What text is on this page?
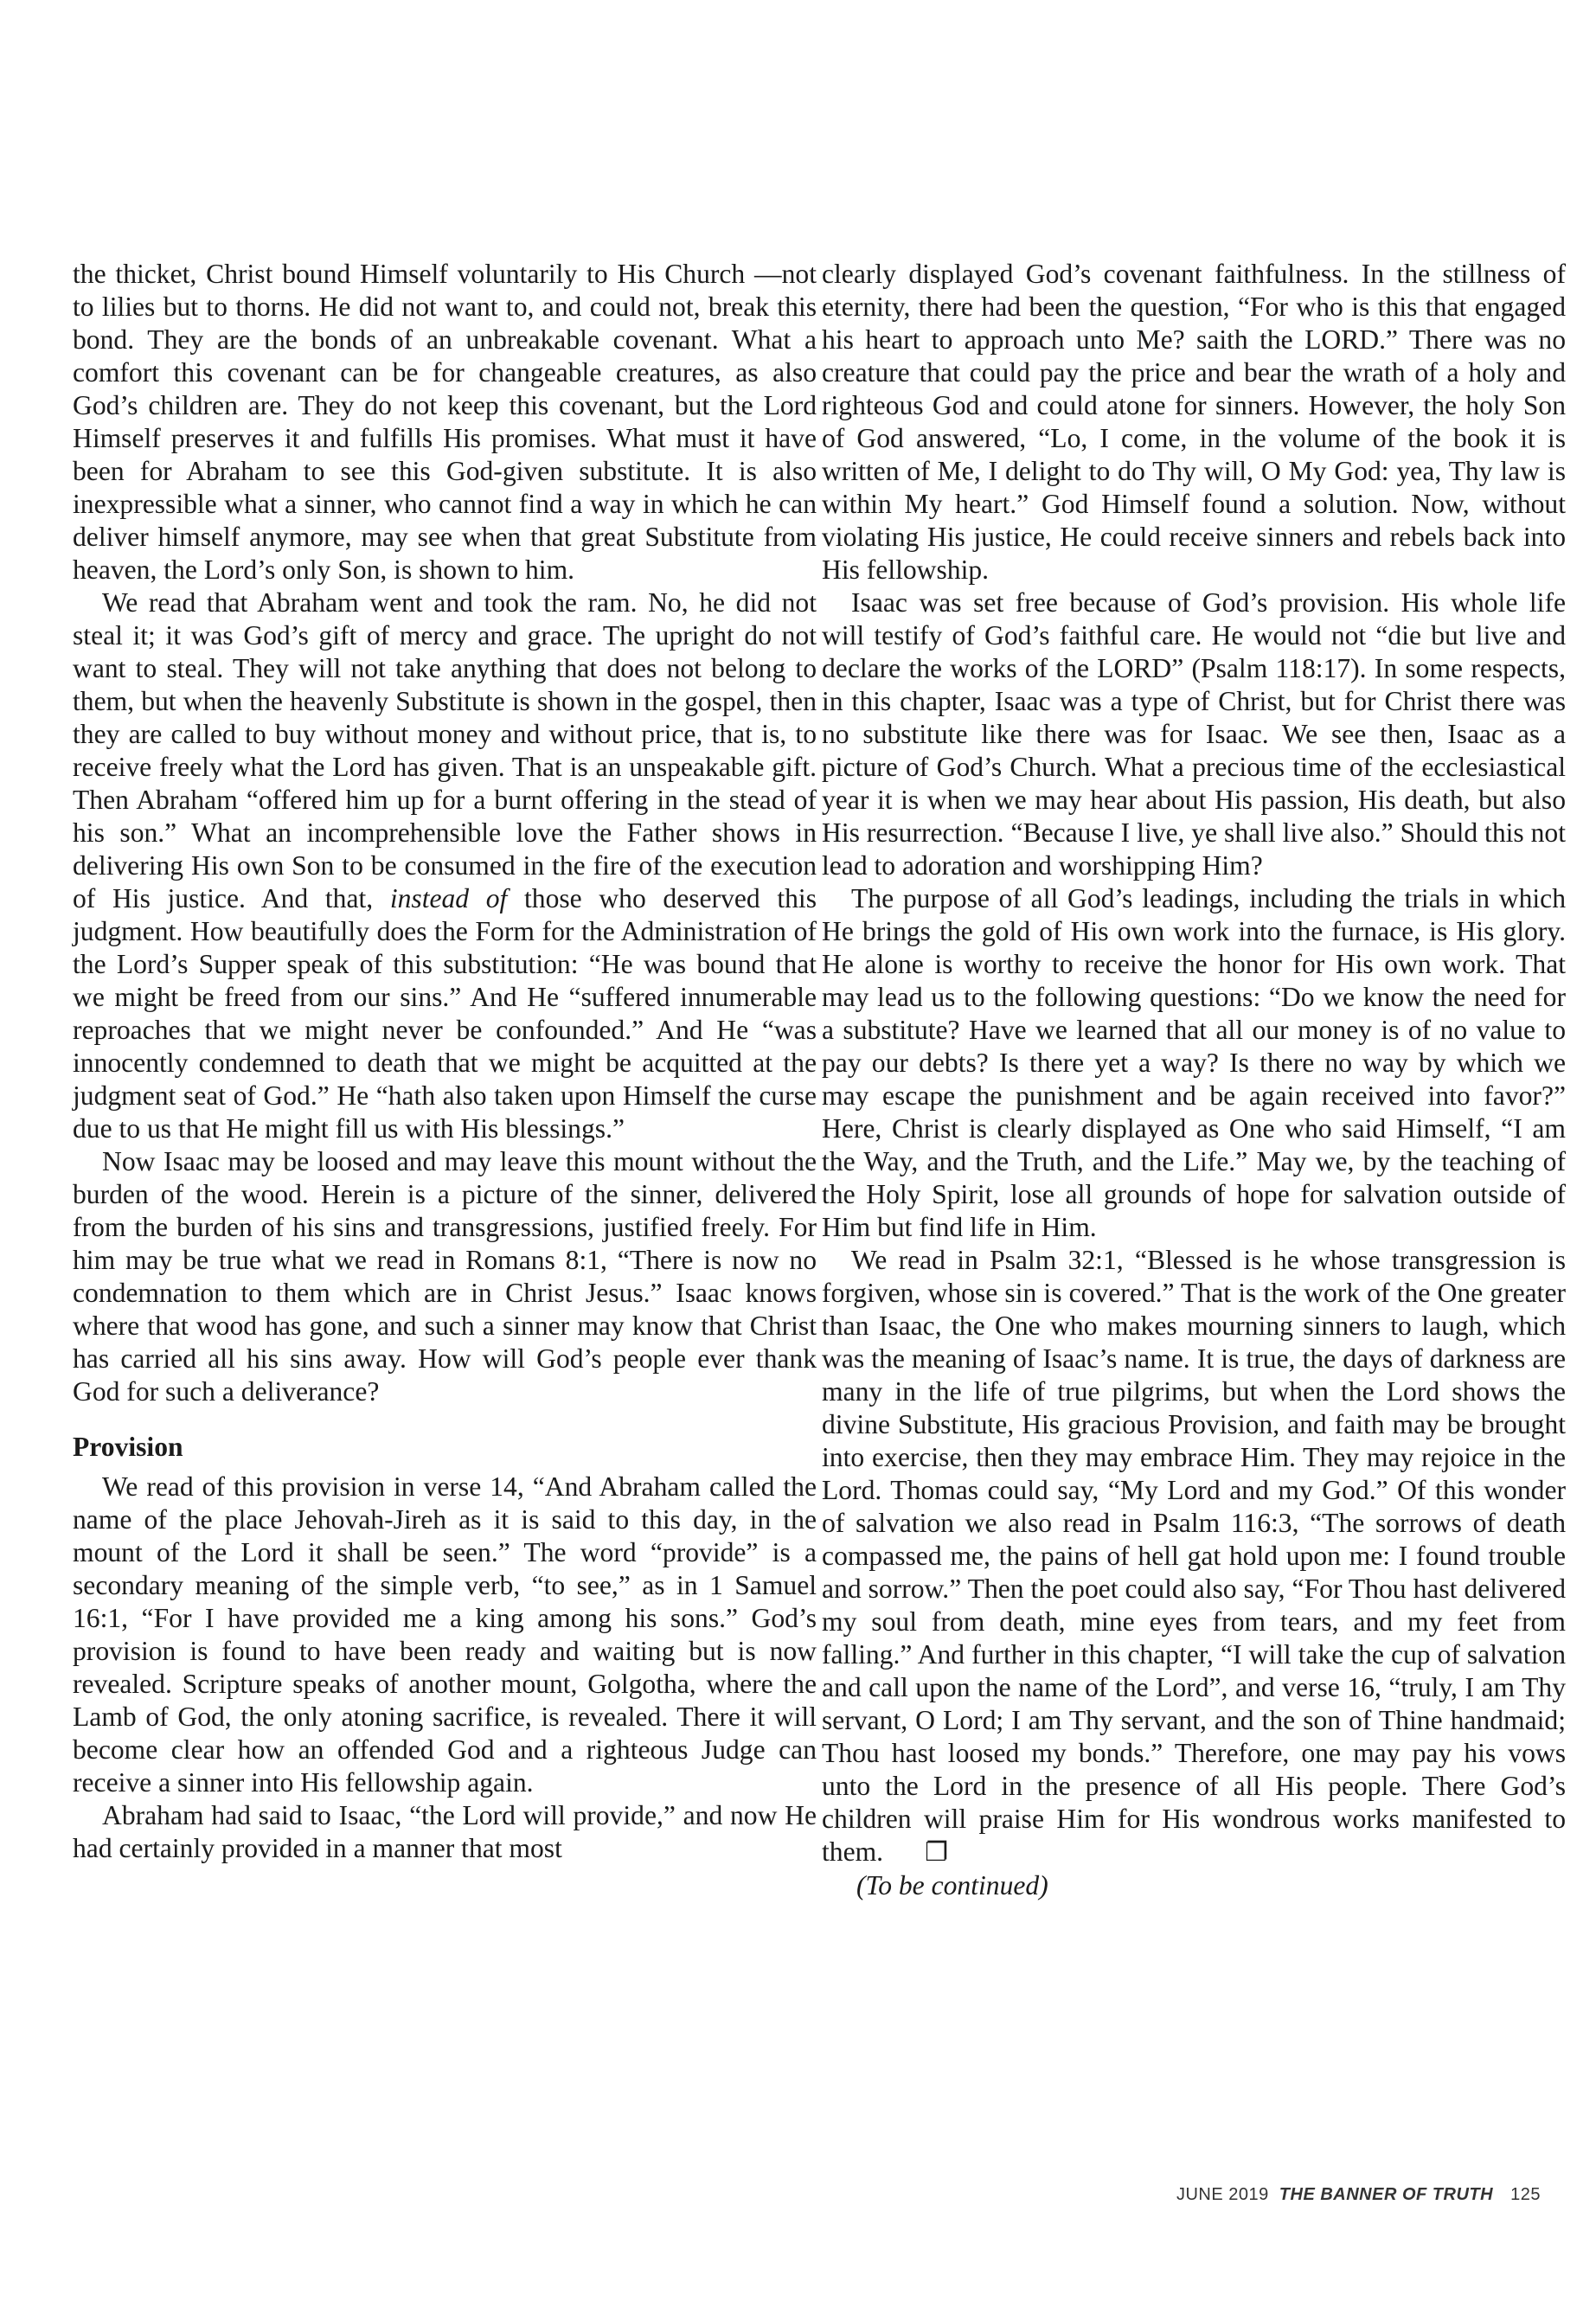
the thicket, Christ bound Himself voluntarily to His Church —not to lilies but to thorns. He did not want to, and could not, break this bond. They are the bonds of an unbreakable covenant. What a comfort this covenant can be for changeable creatures, as also God’s children are. They do not keep this covenant, but the Lord Himself preserves it and fulfills His promises. What must it have been for Abraham to see this God-given substitute. It is also inexpressible what a sinner, who cannot find a way in which he can deliver himself anymore, may see when that great Substitute from heaven, the Lord’s only Son, is shown to him.

We read that Abraham went and took the ram. No, he did not steal it; it was God’s gift of mercy and grace. The upright do not want to steal. They will not take anything that does not belong to them, but when the heavenly Substitute is shown in the gospel, then they are called to buy without money and without price, that is, to receive freely what the Lord has given. That is an unspeakable gift. Then Abraham “offered him up for a burnt offering in the stead of his son.” What an incomprehensible love the Father shows in delivering His own Son to be consumed in the fire of the execution of His justice. And that, instead of those who deserved this judgment. How beautifully does the Form for the Administration of the Lord’s Supper speak of this substitution: “He was bound that we might be freed from our sins.” And He “suffered innumerable reproaches that we might never be confounded.” And He “was innocently condemned to death that we might be acquitted at the judgment seat of God.” He “hath also taken upon Himself the curse due to us that He might fill us with His blessings.”

Now Isaac may be loosed and may leave this mount without the burden of the wood. Herein is a picture of the sinner, delivered from the burden of his sins and transgressions, justified freely. For him may be true what we read in Romans 8:1, “There is now no condemnation to them which are in Christ Jesus.” Isaac knows where that wood has gone, and such a sinner may know that Christ has carried all his sins away. How will God’s people ever thank God for such a deliverance?

Provision

We read of this provision in verse 14, “And Abraham called the name of the place Jehovah-Jireh as it is said to this day, in the mount of the Lord it shall be seen.” The word “provide” is a secondary meaning of the simple verb, “to see,” as in 1 Samuel 16:1, “For I have provided me a king among his sons.” God’s provision is found to have been ready and waiting but is now revealed. Scripture speaks of another mount, Golgotha, where the Lamb of God, the only atoning sacrifice, is revealed. There it will become clear how an offended God and a righteous Judge can receive a sinner into His fellowship again.

Abraham had said to Isaac, “the Lord will provide,” and now He had certainly provided in a manner that most

clearly displayed God’s covenant faithfulness. In the stillness of eternity, there had been the question, “For who is this that engaged his heart to approach unto Me? saith the LORD.” There was no creature that could pay the price and bear the wrath of a holy and righteous God and could atone for sinners. However, the holy Son of God answered, “Lo, I come, in the volume of the book it is written of Me, I delight to do Thy will, O My God: yea, Thy law is within My heart.” God Himself found a solution. Now, without violating His justice, He could receive sinners and rebels back into His fellowship.

Isaac was set free because of God’s provision. His whole life will testify of God’s faithful care. He would not “die but live and declare the works of the LORD” (Psalm 118:17). In some respects, in this chapter, Isaac was a type of Christ, but for Christ there was no substitute like there was for Isaac. We see then, Isaac as a picture of God’s Church. What a precious time of the ecclesiastical year it is when we may hear about His passion, His death, but also His resurrection. “Because I live, ye shall live also.” Should this not lead to adoration and worshipping Him?

The purpose of all God’s leadings, including the trials in which He brings the gold of His own work into the furnace, is His glory. He alone is worthy to receive the honor for His own work. That may lead us to the following questions: “Do we know the need for a substitute? Have we learned that all our money is of no value to pay our debts? Is there yet a way? Is there no way by which we may escape the punishment and be again received into favor?” Here, Christ is clearly displayed as One who said Himself, “I am the Way, and the Truth, and the Life.” May we, by the teaching of the Holy Spirit, lose all grounds of hope for salvation outside of Him but find life in Him.

We read in Psalm 32:1, “Blessed is he whose transgression is forgiven, whose sin is covered.” That is the work of the One greater than Isaac, the One who makes mourning sinners to laugh, which was the meaning of Isaac’s name. It is true, the days of darkness are many in the life of true pilgrims, but when the Lord shows the divine Substitute, His gracious Provision, and faith may be brought into exercise, then they may embrace Him. They may rejoice in the Lord. Thomas could say, “My Lord and my God.” Of this wonder of salvation we also read in Psalm 116:3, “The sorrows of death compassed me, the pains of hell gat hold upon me: I found trouble and sorrow.” Then the poet could also say, “For Thou hast delivered my soul from death, mine eyes from tears, and my feet from falling.” And further in this chapter, “I will take the cup of salvation and call upon the name of the Lord”, and verse 16, “truly, I am Thy servant, O Lord; I am Thy servant, and the son of Thine handmaid; Thou hast loosed my bonds.” Therefore, one may pay his vows unto the Lord in the presence of all His people. There God’s children will praise Him for His wondrous works manifested to them. ❐

(To be continued)

JUNE 2019 THE BANNER OF TRUTH 125
